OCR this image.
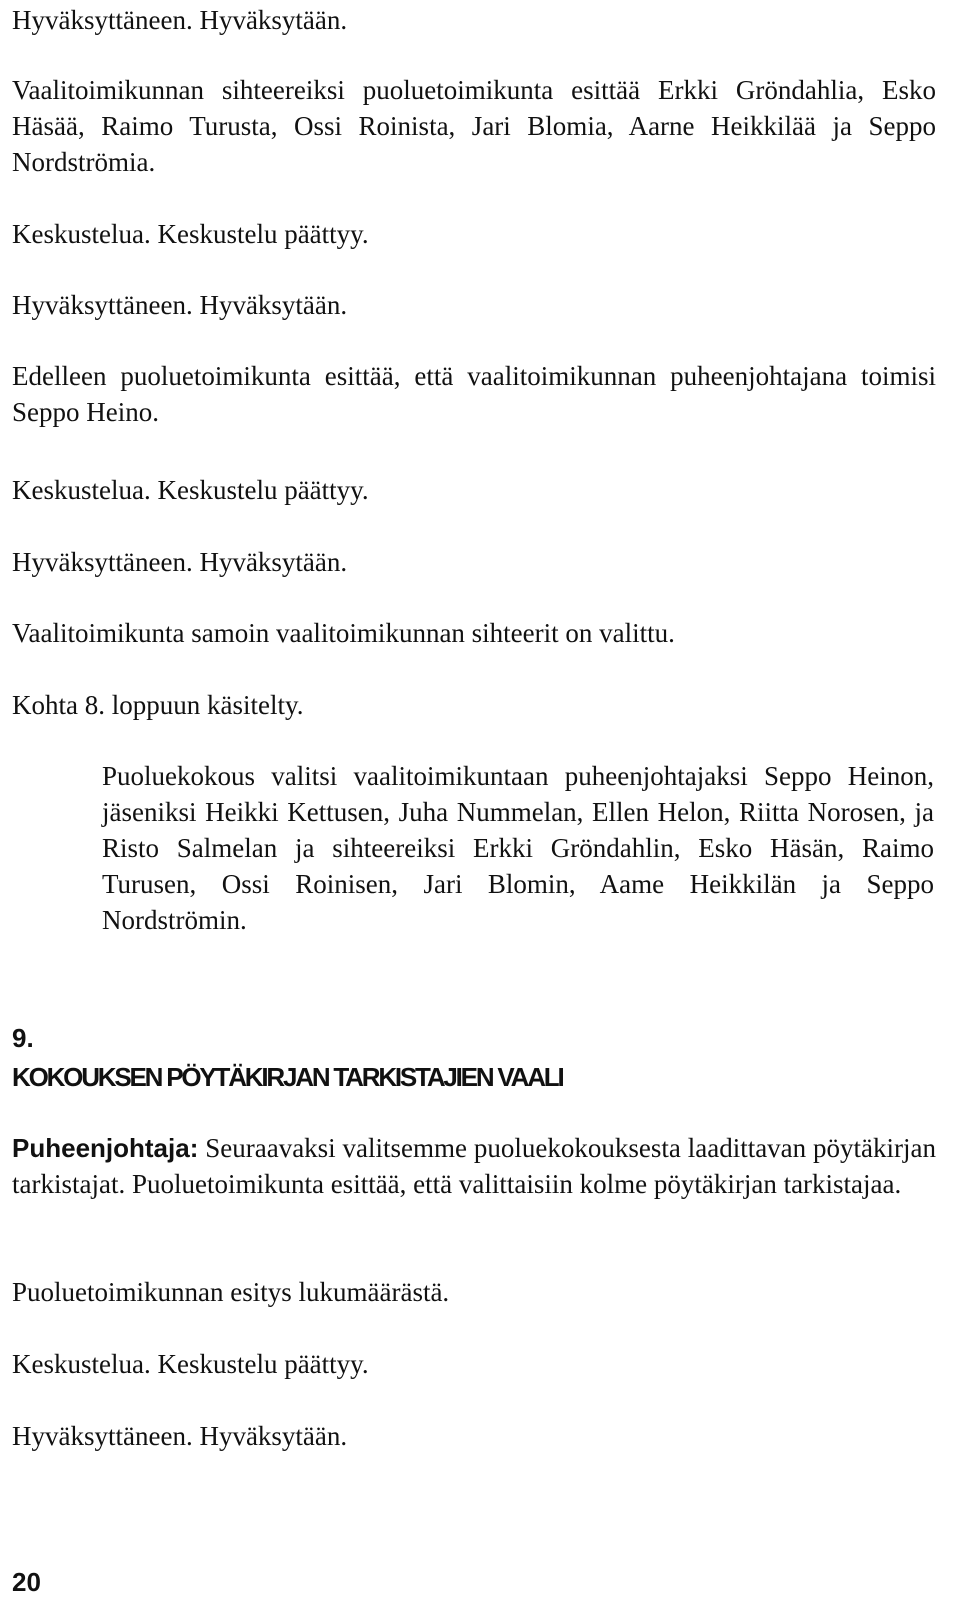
Hyväksyttäneen. Hyväksytään.
Vaalitoimikunnan sihteereiksi puoluetoimikunta esittää Erkki Gröndahlia, Esko Häsää, Raimo Turusta, Ossi Roinista, Jari Blomia, Aarne Heikkilää ja Seppo Nordströmia.
Keskustelua. Keskustelu päättyy.
Hyväksyttäneen. Hyväksytään.
Edelleen puoluetoimikunta esittää, että vaalitoimikunnan puheenjohtajana toimisi Seppo Heino.
Keskustelua. Keskustelu päättyy.
Hyväksyttäneen. Hyväksytään.
Vaalitoimikunta samoin vaalitoimikunnan sihteerit on valittu.
Kohta 8. loppuun käsitelty.
Puoluekokous valitsi vaalitoimikuntaan puheenjohtajaksi Seppo Heinon, jäseniksi Heikki Kettusen, Juha Nummelan, Ellen Helon, Riitta Norosen, ja Risto Salmelan ja sihteereiksi Erkki Gröndahlin, Esko Häsän, Raimo Turusen, Ossi Roinisen, Jari Blomin, Aame Heikkilän ja Seppo Nordströmin.
9.
KOKOUKSEN PÖYTÄKIRJAN TARKISTAJIEN VAALI
Puheenjohtaja: Seuraavaksi valitsemme puoluekokouksesta laadittavan pöytäkirjan tarkistajat. Puoluetoimikunta esittää, että valittaisiin kolme pöytäkirjan tarkistajaa.
Puoluetoimikunnan esitys lukumäärästä.
Keskustelua. Keskustelu päättyy.
Hyväksyttäneen. Hyväksytään.
20
